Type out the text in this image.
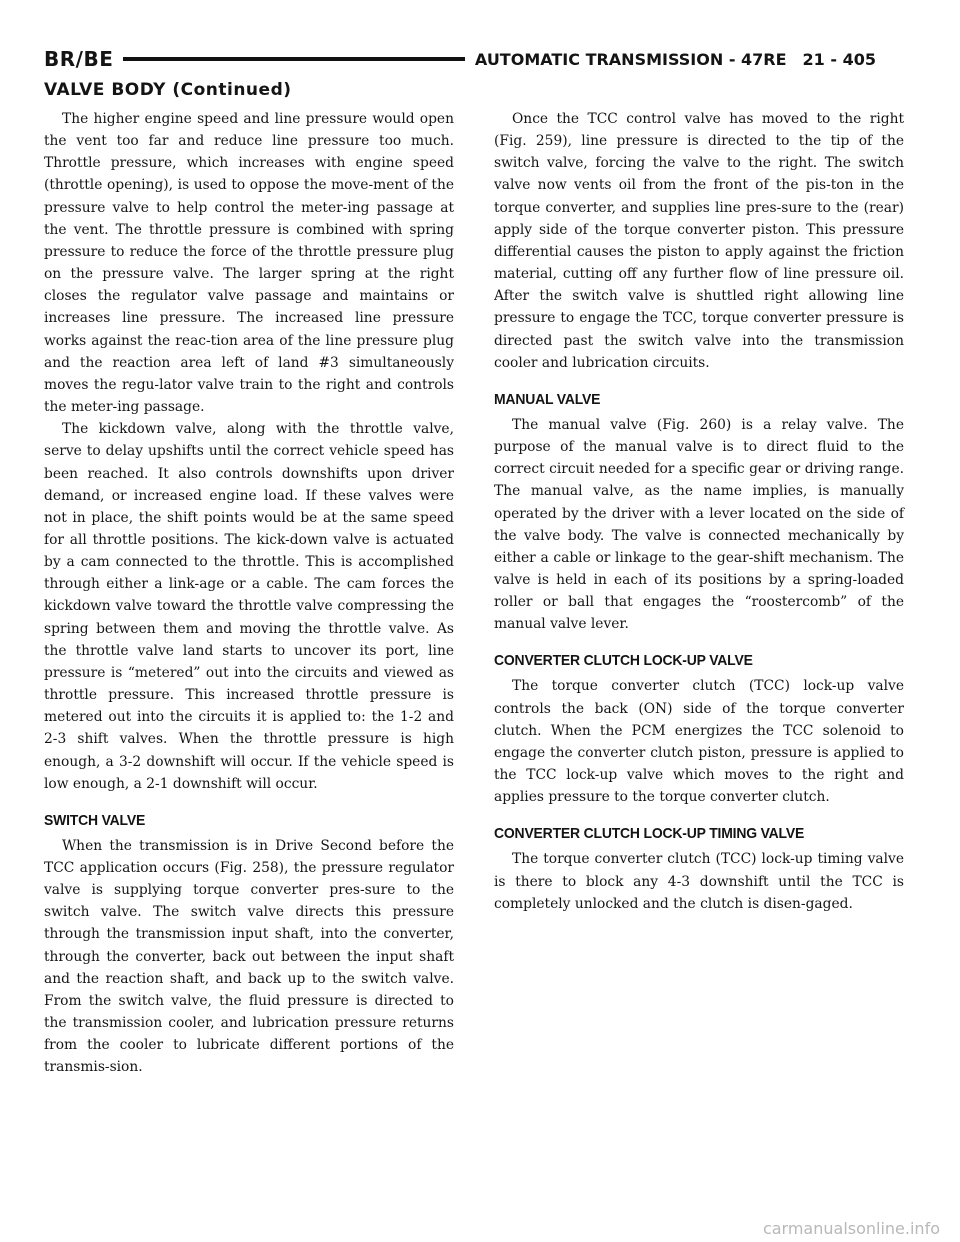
BR/BE	AUTOMATIC TRANSMISSION - 47RE 21 - 405
VALVE BODY (Continued)

The higher engine speed and line pressure would open the vent too far and reduce line pressure too much. Throttle pressure, which increases with engine speed (throttle opening), is used to oppose the move-ment of the pressure valve to help control the meter-ing passage at the vent. The throttle pressure is combined with spring pressure to reduce the force of the throttle pressure plug on the pressure valve. The larger spring at the right closes the regulator valve passage and maintains or increases line pressure. The increased line pressure works against the reac-tion area of the line pressure plug and the reaction area left of land #3 simultaneously moves the regu-lator valve train to the right and controls the meter-ing passage.

The kickdown valve, along with the throttle valve, serve to delay upshifts until the correct vehicle speed has been reached. It also controls downshifts upon driver demand, or increased engine load. If these valves were not in place, the shift points would be at the same speed for all throttle positions. The kick-down valve is actuated by a cam connected to the throttle. This is accomplished through either a link-age or a cable. The cam forces the kickdown valve toward the throttle valve compressing the spring between them and moving the throttle valve. As the throttle valve land starts to uncover its port, line pressure is “metered” out into the circuits and viewed as throttle pressure. This increased throttle pressure is metered out into the circuits it is applied to: the 1-2 and 2-3 shift valves. When the throttle pressure is high enough, a 3-2 downshift will occur. If the vehicle speed is low enough, a 2-1 downshift will occur.

SWITCH VALVE

When the transmission is in Drive Second before the TCC application occurs (Fig. 258), the pressure regulator valve is supplying torque converter pres-sure to the switch valve. The switch valve directs this pressure through the transmission input shaft, into the converter, through the converter, back out between the input shaft and the reaction shaft, and back up to the switch valve. From the switch valve, the fluid pressure is directed to the transmission cooler, and lubrication pressure returns from the cooler to lubricate different portions of the transmis-sion.

Once the TCC control valve has moved to the right (Fig. 259), line pressure is directed to the tip of the switch valve, forcing the valve to the right. The switch valve now vents oil from the front of the pis-ton in the torque converter, and supplies line pres-sure to the (rear) apply side of the torque converter piston. This pressure differential causes the piston to apply against the friction material, cutting off any further flow of line pressure oil. After the switch valve is shuttled right allowing line pressure to engage the TCC, torque converter pressure is directed past the switch valve into the transmission cooler and lubrication circuits.

MANUAL VALVE

The manual valve (Fig. 260) is a relay valve. The purpose of the manual valve is to direct fluid to the correct circuit needed for a specific gear or driving range. The manual valve, as the name implies, is manually operated by the driver with a lever located on the side of the valve body. The valve is connected mechanically by either a cable or linkage to the gear-shift mechanism. The valve is held in each of its positions by a spring-loaded roller or ball that engages the “roostercomb” of the manual valve lever.

CONVERTER CLUTCH LOCK-UP VALVE

The torque converter clutch (TCC) lock-up valve controls the back (ON) side of the torque converter clutch. When the PCM energizes the TCC solenoid to engage the converter clutch piston, pressure is applied to the TCC lock-up valve which moves to the right and applies pressure to the torque converter clutch.

CONVERTER CLUTCH LOCK-UP TIMING VALVE

The torque converter clutch (TCC) lock-up timing valve is there to block any 4-3 downshift until the TCC is completely unlocked and the clutch is disen-gaged.

carmanualsonline.info
